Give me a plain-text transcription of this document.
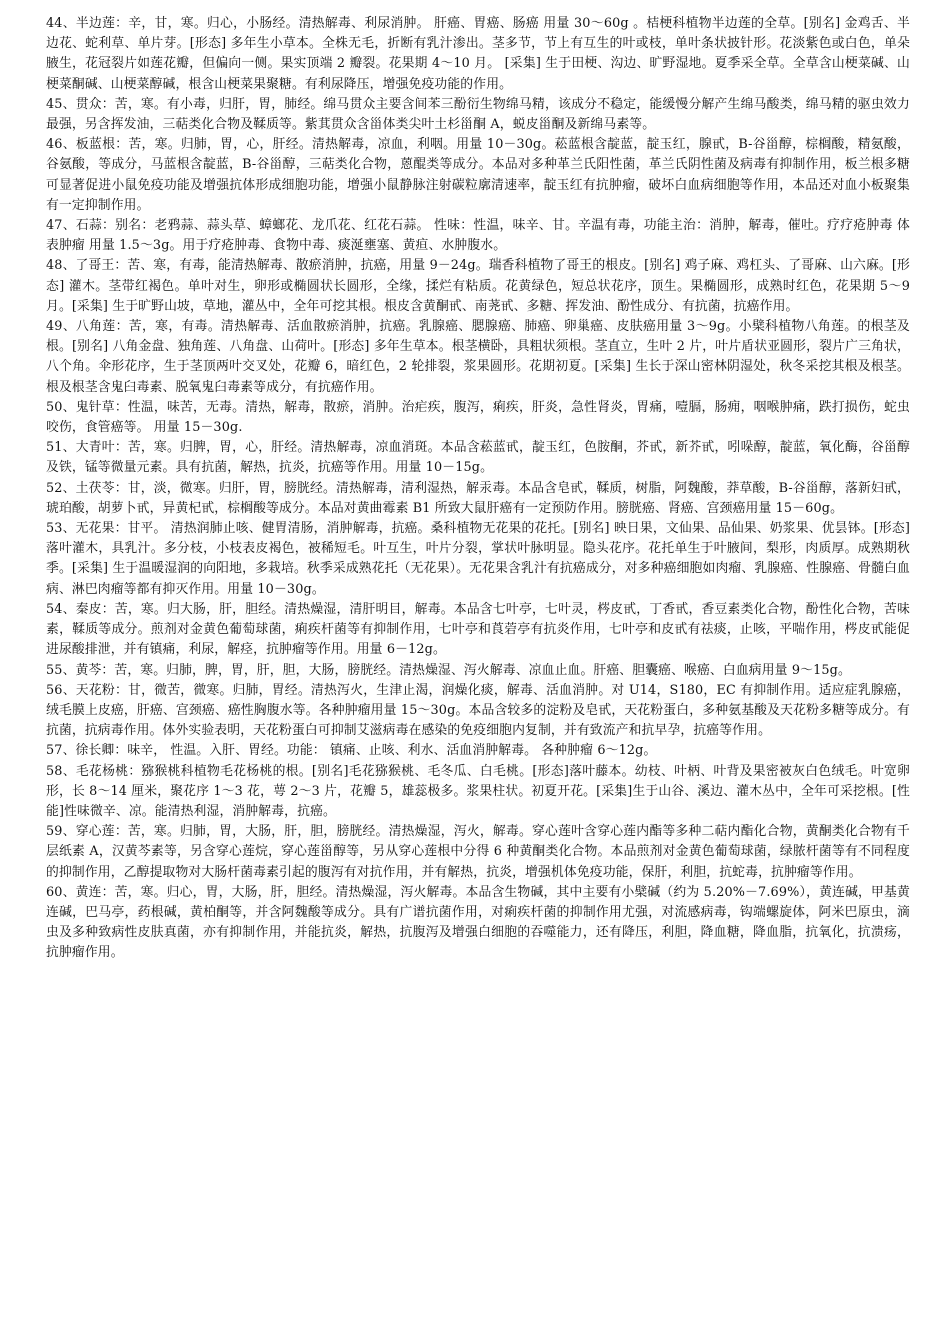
44、半边莲：辛，甘，寒。归心，小肠经。清热解毒、利尿消肿。 肝癌、胃癌、肠癌 用量 30～60g 。桔梗科植物半边莲的全草。[别名] 金鸡舌、半边花、蛇利草、单片芽。[形态] 多年生小草本。全株无毛，折断有乳汁渗出。茎多节，节上有互生的叶或枝，单叶条状披针形。花淡紫色或白色，单朵腋生，花冠裂片如莲花瓣，但偏向一侧。果实顶端 2 瓣裂。花果期 4～10 月。 [采集] 生于田梗、沟边、旷野湿地。夏季采全草。全草含山梗菜碱、山梗菜酮碱、山梗菜醇碱，根含山梗菜果聚糖。有利尿降压，增强免疫功能的作用。

45、贯众：苦，寒。有小毒，归肝，胃，肺经。绵马贯众主要含间苯三酚衍生物绵马精，该成分不稳定，能缓慢分解产生绵马酸类，绵马精的驱虫效力最强，另含挥发油，三萜类化合物及鞣质等。紫萁贯众含甾体类尖叶土杉甾酮 A，蜕皮甾酮及新绵马素等。

46、板蓝根：苦，寒。归肺，胃，心，肝经。清热解毒，凉血，利咽。用量 10－30g。菘蓝根含靛蓝，靛玉红，腺甙，B-谷甾醇，棕榈酸，精氨酸，谷氨酸，等成分，马蓝根含靛蓝，B-谷甾醇，三萜类化合物，蒽醌类等成分。本品对多种革兰氏阳性菌，革兰氏阴性菌及病毒有抑制作用，板兰根多糖可显著促进小鼠免疫功能及增强抗体形成细胞功能，增强小鼠静脉注射碳粒廓清速率，靛玉红有抗肿瘤，破坏白血病细胞等作用，本品还对血小板聚集有一定抑制作用。

47、石蒜：别名：老鸦蒜、蒜头草、蟑螂花、龙爪花、红花石蒜。 性味：性温，味辛、甘。辛温有毒，功能主治：消肿，解毒，催吐。疗疗疮肿毒 体表肿瘤 用量 1.5～3g。用于疗疮肿毒、食物中毒、痰涎壅塞、黄疸、水肿腹水。

48、了哥王：苦、寒，有毒，能清热解毒、散瘀消肿，抗癌，用量 9－24g。瑞香科植物了哥王的根皮。[别名] 鸡子麻、鸡杠头、了哥麻、山六麻。[形态] 灌木。茎带红褐色。单叶对生，卵形或椭圆状长圆形，全缘，揉烂有粘质。花黄绿色，短总状花序，顶生。果椭圆形，成熟时红色，花果期 5～9 月。[采集] 生于旷野山坡，草地，灌丛中，全年可挖其根。根皮含黄酮甙、南荛甙、多糖、挥发油、酚性成分、有抗菌，抗癌作用。

49、八角莲：苦，寒，有毒。清热解毒、活血散瘀消肿，抗癌。乳腺癌、腮腺癌、肺癌、卵巢癌、皮肤癌用量 3～9g。小檗科植物八角莲。的根茎及根。[别名] 八角金盘、独角莲、八角盘、山荷叶。[形态] 多年生草本。根茎横卧，具粗状须根。茎直立，生叶 2 片，叶片盾状亚圆形，裂片广三角状，八个角。伞形花序，生于茎顶两叶交叉处，花瓣 6，暗红色，2 轮排裂，浆果圆形。花期初夏。[采集] 生长于深山密林阴湿处，秋冬采挖其根及根茎。根及根茎含鬼臼毒素、脱氧鬼臼毒素等成分，有抗癌作用。

50、鬼针草：性温，味苦，无毒。清热，解毒，散瘀，消肿。治疟疾，腹泻，痢疾，肝炎，急性肾炎，胃痛，噎膈，肠痈，咽喉肿痛，跌打损伤，蛇虫咬伤，食管癌等。 用量 15－30g.

51、大青叶：苦，寒。归脾，胃，心，肝经。清热解毒，凉血消斑。本品含菘蓝甙，靛玉红，色胺酮，芥甙，新芥甙，吲哚醇，靛蓝，氧化酶，谷甾醇及铁，锰等微量元素。具有抗菌，解热，抗炎，抗癌等作用。用量 10－15g。

52、土茯苓：甘，淡，微寒。归肝，胃，膀胱经。清热解毒，清利湿热，解汞毒。本品含皂甙，鞣质，树脂，阿魏酸，莽草酸，B-谷甾醇，落新妇甙，琥珀酸，胡萝卜甙，异黄杞甙，棕榈酸等成分。本品对黄曲霉素 B1 所致大鼠肝癌有一定预防作用。膀胱癌、肾癌、宫颈癌用量 15－60g。

53、无花果：甘平。 清热润肺止咳、健胃清肠，消肿解毒，抗癌。桑科植物无花果的花托。[别名] 映日果，文仙果、品仙果、奶浆果、优昙钵。[形态] 落叶灌木，具乳汁。多分枝，小枝表皮褐色，被稀短毛。叶互生，叶片分裂，掌状叶脉明显。隐头花序。花托单生于叶腋间，梨形，肉质厚。成熟期秋季。[采集] 生于温暖湿润的向阳地，多栽培。秋季采成熟花托（无花果）。无花果含乳汁有抗癌成分，对多种癌细胞如肉瘤、乳腺癌、性腺癌、骨髓白血病、淋巴肉瘤等都有抑灭作用。用量 10－30g。

54、秦皮：苦，寒。归大肠，肝，胆经。清热燥湿，清肝明目，解毒。本品含七叶亭，七叶灵，梣皮甙，丁香甙，香豆素类化合物，酚性化合物，苦味素，鞣质等成分。煎剂对金黄色葡萄球菌，痢疾杆菌等有抑制作用，七叶亭和莨菪亭有抗炎作用，七叶亭和皮甙有祛痰，止咳，平喘作用，梣皮甙能促进尿酸排泄，并有镇痛，利尿，解痉，抗肿瘤等作用。用量 6－12g。

55、黄芩：苦，寒。归肺，脾，胃，肝，胆，大肠，膀胱经。清热燥湿、泻火解毒、凉血止血。肝癌、胆囊癌、喉癌、白血病用量 9～15g。

56、天花粉：甘，微苦，微寒。归肺，胃经。清热泻火，生津止渴，润燥化痰，解毒、活血消肿。对 U14，S180，EC 有抑制作用。适应症乳腺癌，绒毛膜上皮癌，肝癌、宫颈癌、癌性胸腹水等。各种肿瘤用量 15～30g。本品含较多的淀粉及皂甙，天花粉蛋白，多种氨基酸及天花粉多糖等成分。有抗菌，抗病毒作用。体外实验表明，天花粉蛋白可抑制艾滋病毒在感染的免疫细胞内复制，并有致流产和抗早孕，抗癌等作用。

57、徐长卿：味辛， 性温。入肝、胃经。功能： 镇痛、止咳、利水、活血消肿解毒。 各种肿瘤 6～12g。

58、毛花杨桃：猕猴桃科植物毛花杨桃的根。[别名]毛花猕猴桃、毛冬瓜、白毛桃。[形态]落叶藤本。幼枝、叶柄、叶背及果密被灰白色绒毛。叶宽卵形，长 8～14 厘米，聚花序 1～3 花，萼 2～3 片，花瓣 5，雄蕊极多。浆果柱状。初夏开花。[采集]生于山谷、溪边、灌木丛中，全年可采挖根。[性能]性味微辛、凉。能清热利湿，消肿解毒，抗癌。

59、穿心莲：苦，寒。归肺，胃，大肠，肝，胆，膀胱经。清热燥湿，泻火，解毒。穿心莲叶含穿心莲内酯等多种二萜内酯化合物，黄酮类化合物有千层纸素 A，汉黄芩素等，另含穿心莲烷，穿心莲甾醇等，另从穿心莲根中分得 6 种黄酮类化合物。本品煎剂对金黄色葡萄球菌，绿脓杆菌等有不同程度的抑制作用，乙醇提取物对大肠杆菌毒素引起的腹泻有对抗作用，并有解热，抗炎，增强机体免疫功能，保肝，利胆，抗蛇毒，抗肿瘤等作用。

60、黄连：苦，寒。归心，胃，大肠，肝，胆经。清热燥湿，泻火解毒。本品含生物碱，其中主要有小檗碱（约为 5.20%－7.69%），黄连碱，甲基黄连碱，巴马亭，药根碱，黄柏酮等，并含阿魏酸等成分。具有广谱抗菌作用，对痢疾杆菌的抑制作用尤强，对流感病毒，钩端螺旋体，阿米巴原虫，滴虫及多种致病性皮肤真菌，亦有抑制作用，并能抗炎，解热，抗腹泻及增强白细胞的吞噬能力，还有降压，利胆，降血糖，降血脂，抗氧化，抗溃疡，抗肿瘤作用。
